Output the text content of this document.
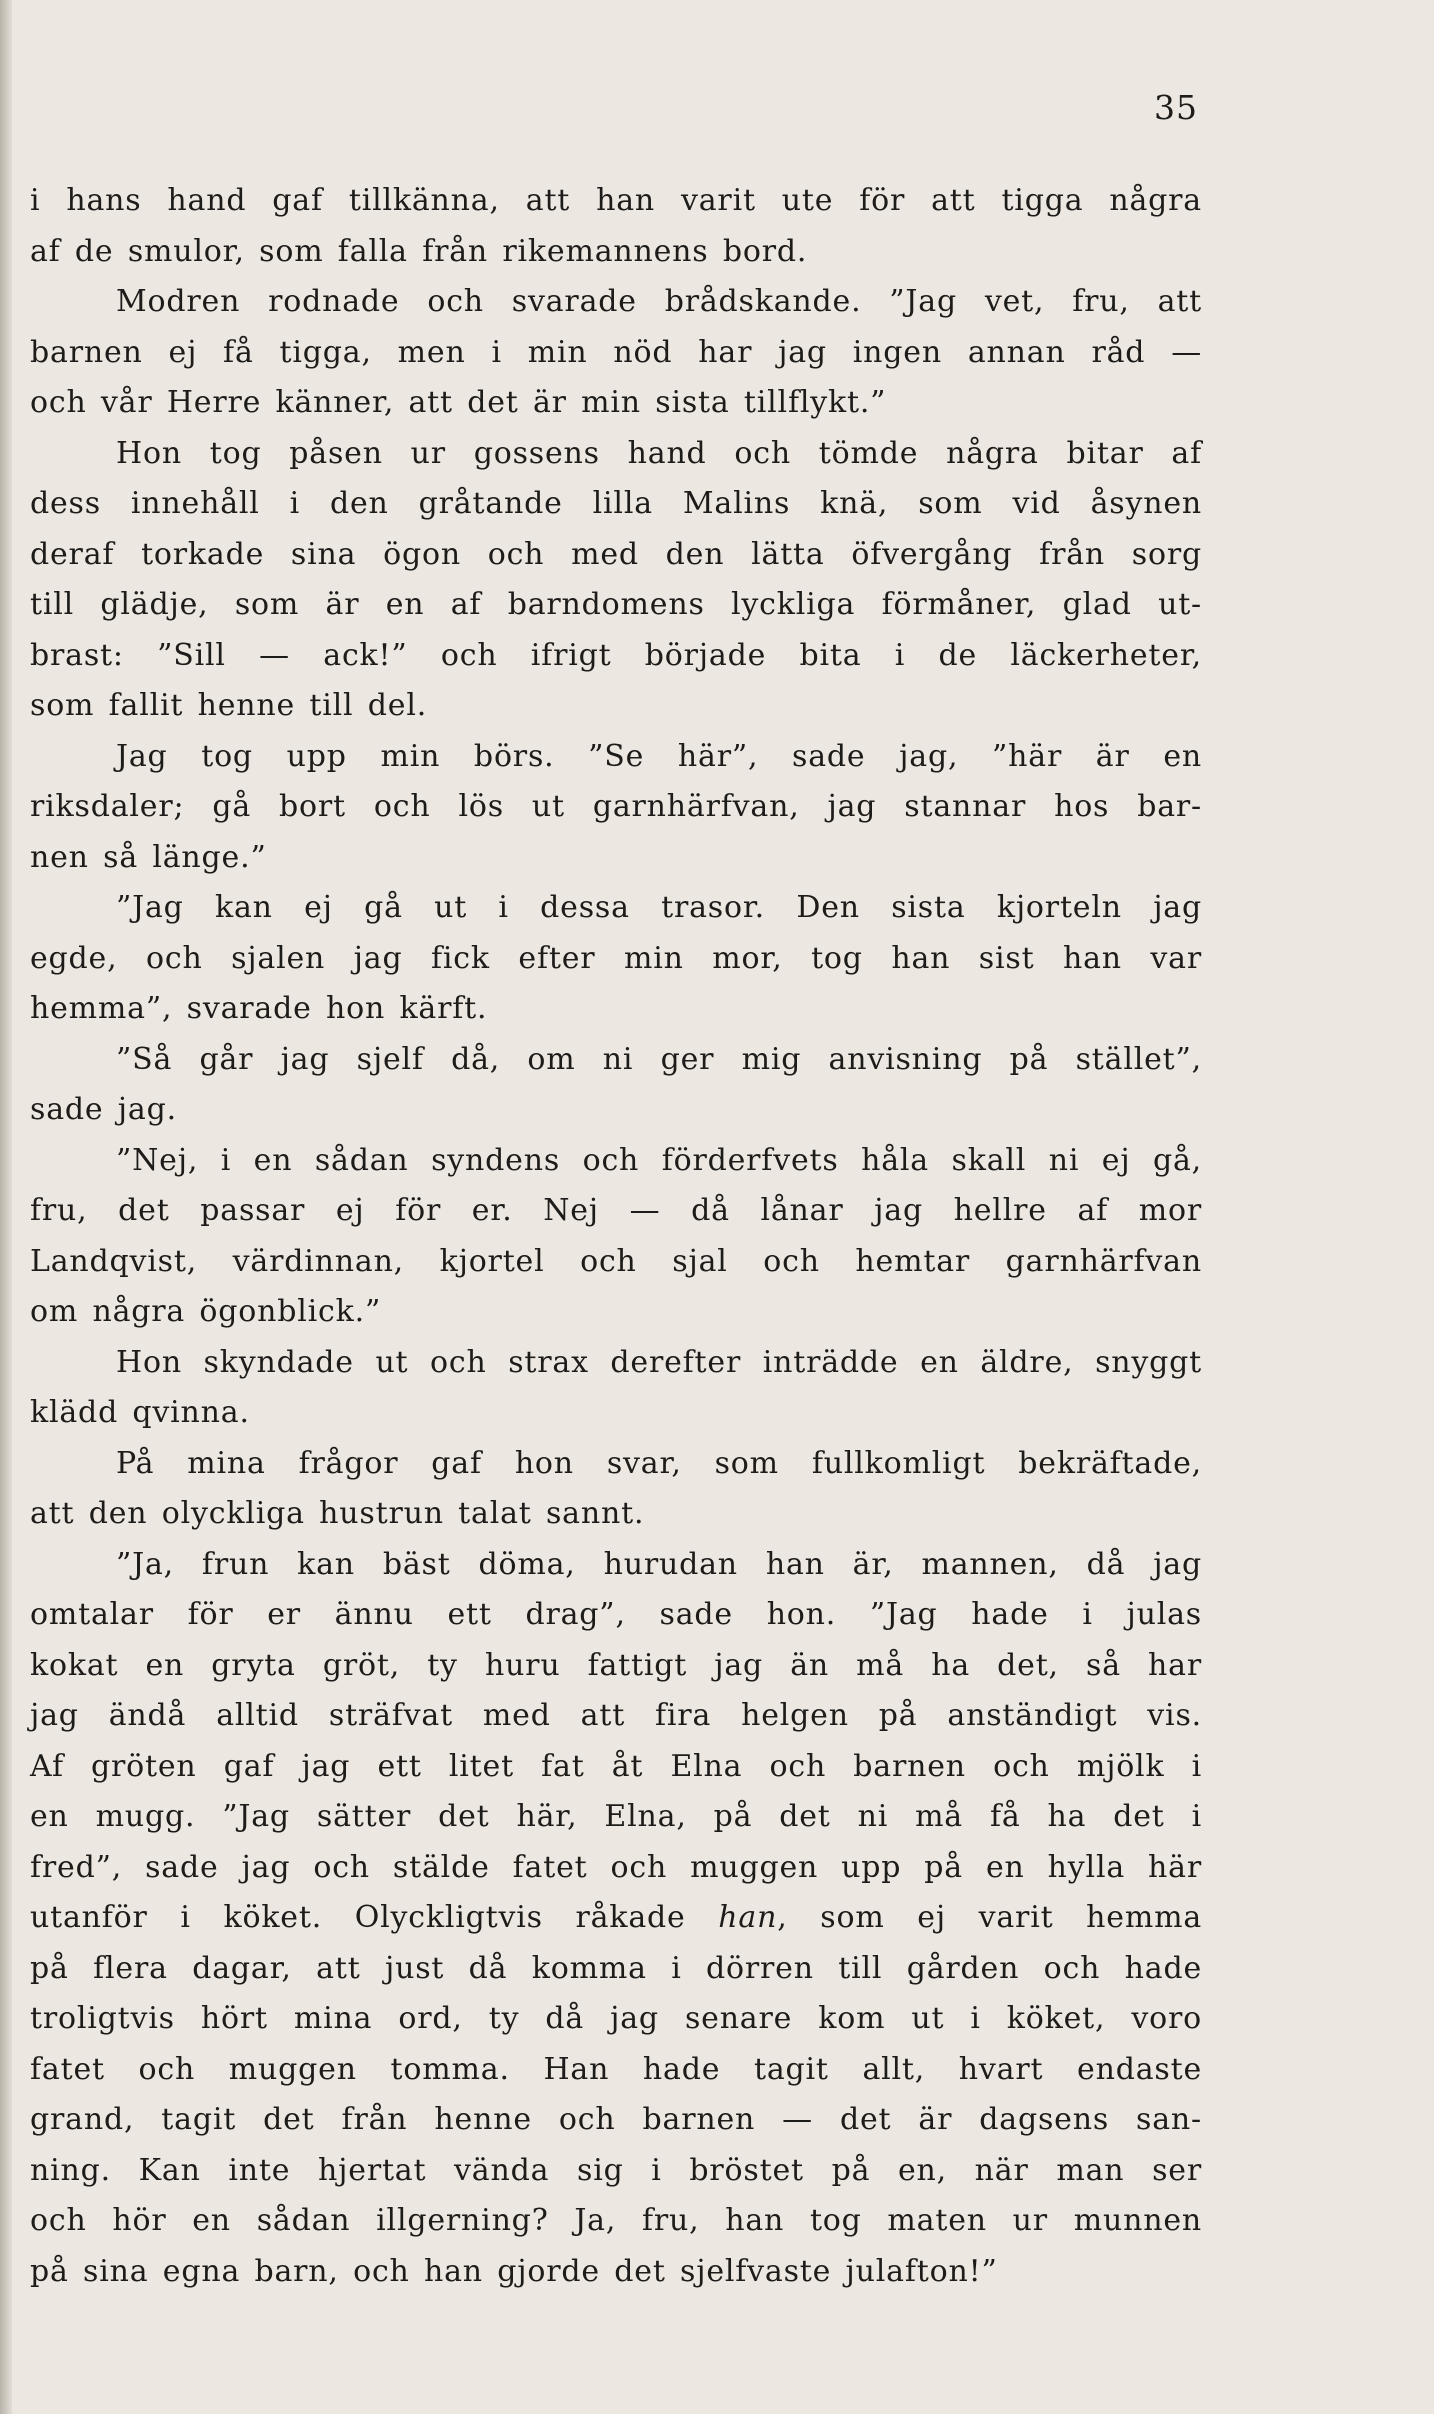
35
i hans hand gaf tillkänna, att han varit ute för att tigga några
af de smulor, som falla från rikemannens bord.
Modren rodnade och svarade brådskande. ”Jag vet, fru, att
barnen ej få tigga, men i min nöd har jag ingen annan råd —
och vår Herre känner, att det är min sista tillflykt.”
Hon tog påsen ur gossens hand och tömde några bitar af
dess innehåll i den gråtande lilla Malins knä, som vid åsynen
deraf torkade sina ögon och med den lätta öfvergång från sorg
till glädje, som är en af barndomens lyckliga förmåner, glad ut-
brast: ”Sill — ack!” och ifrigt började bita i de läckerheter,
som fallit henne till del.
Jag tog upp min börs. ”Se här”, sade jag, ”här är en
riksdaler; gå bort och lös ut garnhärfvan, jag stannar hos bar-
nen så länge.”
”Jag kan ej gå ut i dessa trasor. Den sista kjorteln jag
egde, och sjalen jag fick efter min mor, tog han sist han var
hemma”, svarade hon kärft.
”Så går jag sjelf då, om ni ger mig anvisning på stället”,
sade jag.
”Nej, i en sådan syndens och förderfvets håla skall ni ej gå,
fru, det passar ej för er. Nej — då lånar jag hellre af mor
Landqvist, värdinnan, kjortel och sjal och hemtar garnhärfvan
om några ögonblick.”
Hon skyndade ut och strax derefter inträdde en äldre, snyggt
klädd qvinna.
På mina frågor gaf hon svar, som fullkomligt bekräftade,
att den olyckliga hustrun talat sannt.
”Ja, frun kan bäst döma, hurudan han är, mannen, då jag
omtalar för er ännu ett drag”, sade hon. ”Jag hade i julas
kokat en gryta gröt, ty huru fattigt jag än må ha det, så har
jag ändå alltid sträfvat med att fira helgen på anständigt vis.
Af gröten gaf jag ett litet fat åt Elna och barnen och mjölk i
en mugg. ”Jag sätter det här, Elna, på det ni må få ha det i
fred”, sade jag och stälde fatet och muggen upp på en hylla här
utanför i köket. Olyckligtvis råkade han, som ej varit hemma
på flera dagar, att just då komma i dörren till gården och hade
troligtvis hört mina ord, ty då jag senare kom ut i köket, voro
fatet och muggen tomma. Han hade tagit allt, hvart endaste
grand, tagit det från henne och barnen — det är dagsens san-
ning. Kan inte hjertat vända sig i bröstet på en, när man ser
och hör en sådan illgerning? Ja, fru, han tog maten ur munnen
på sina egna barn, och han gjorde det sjelfvaste julafton!”
